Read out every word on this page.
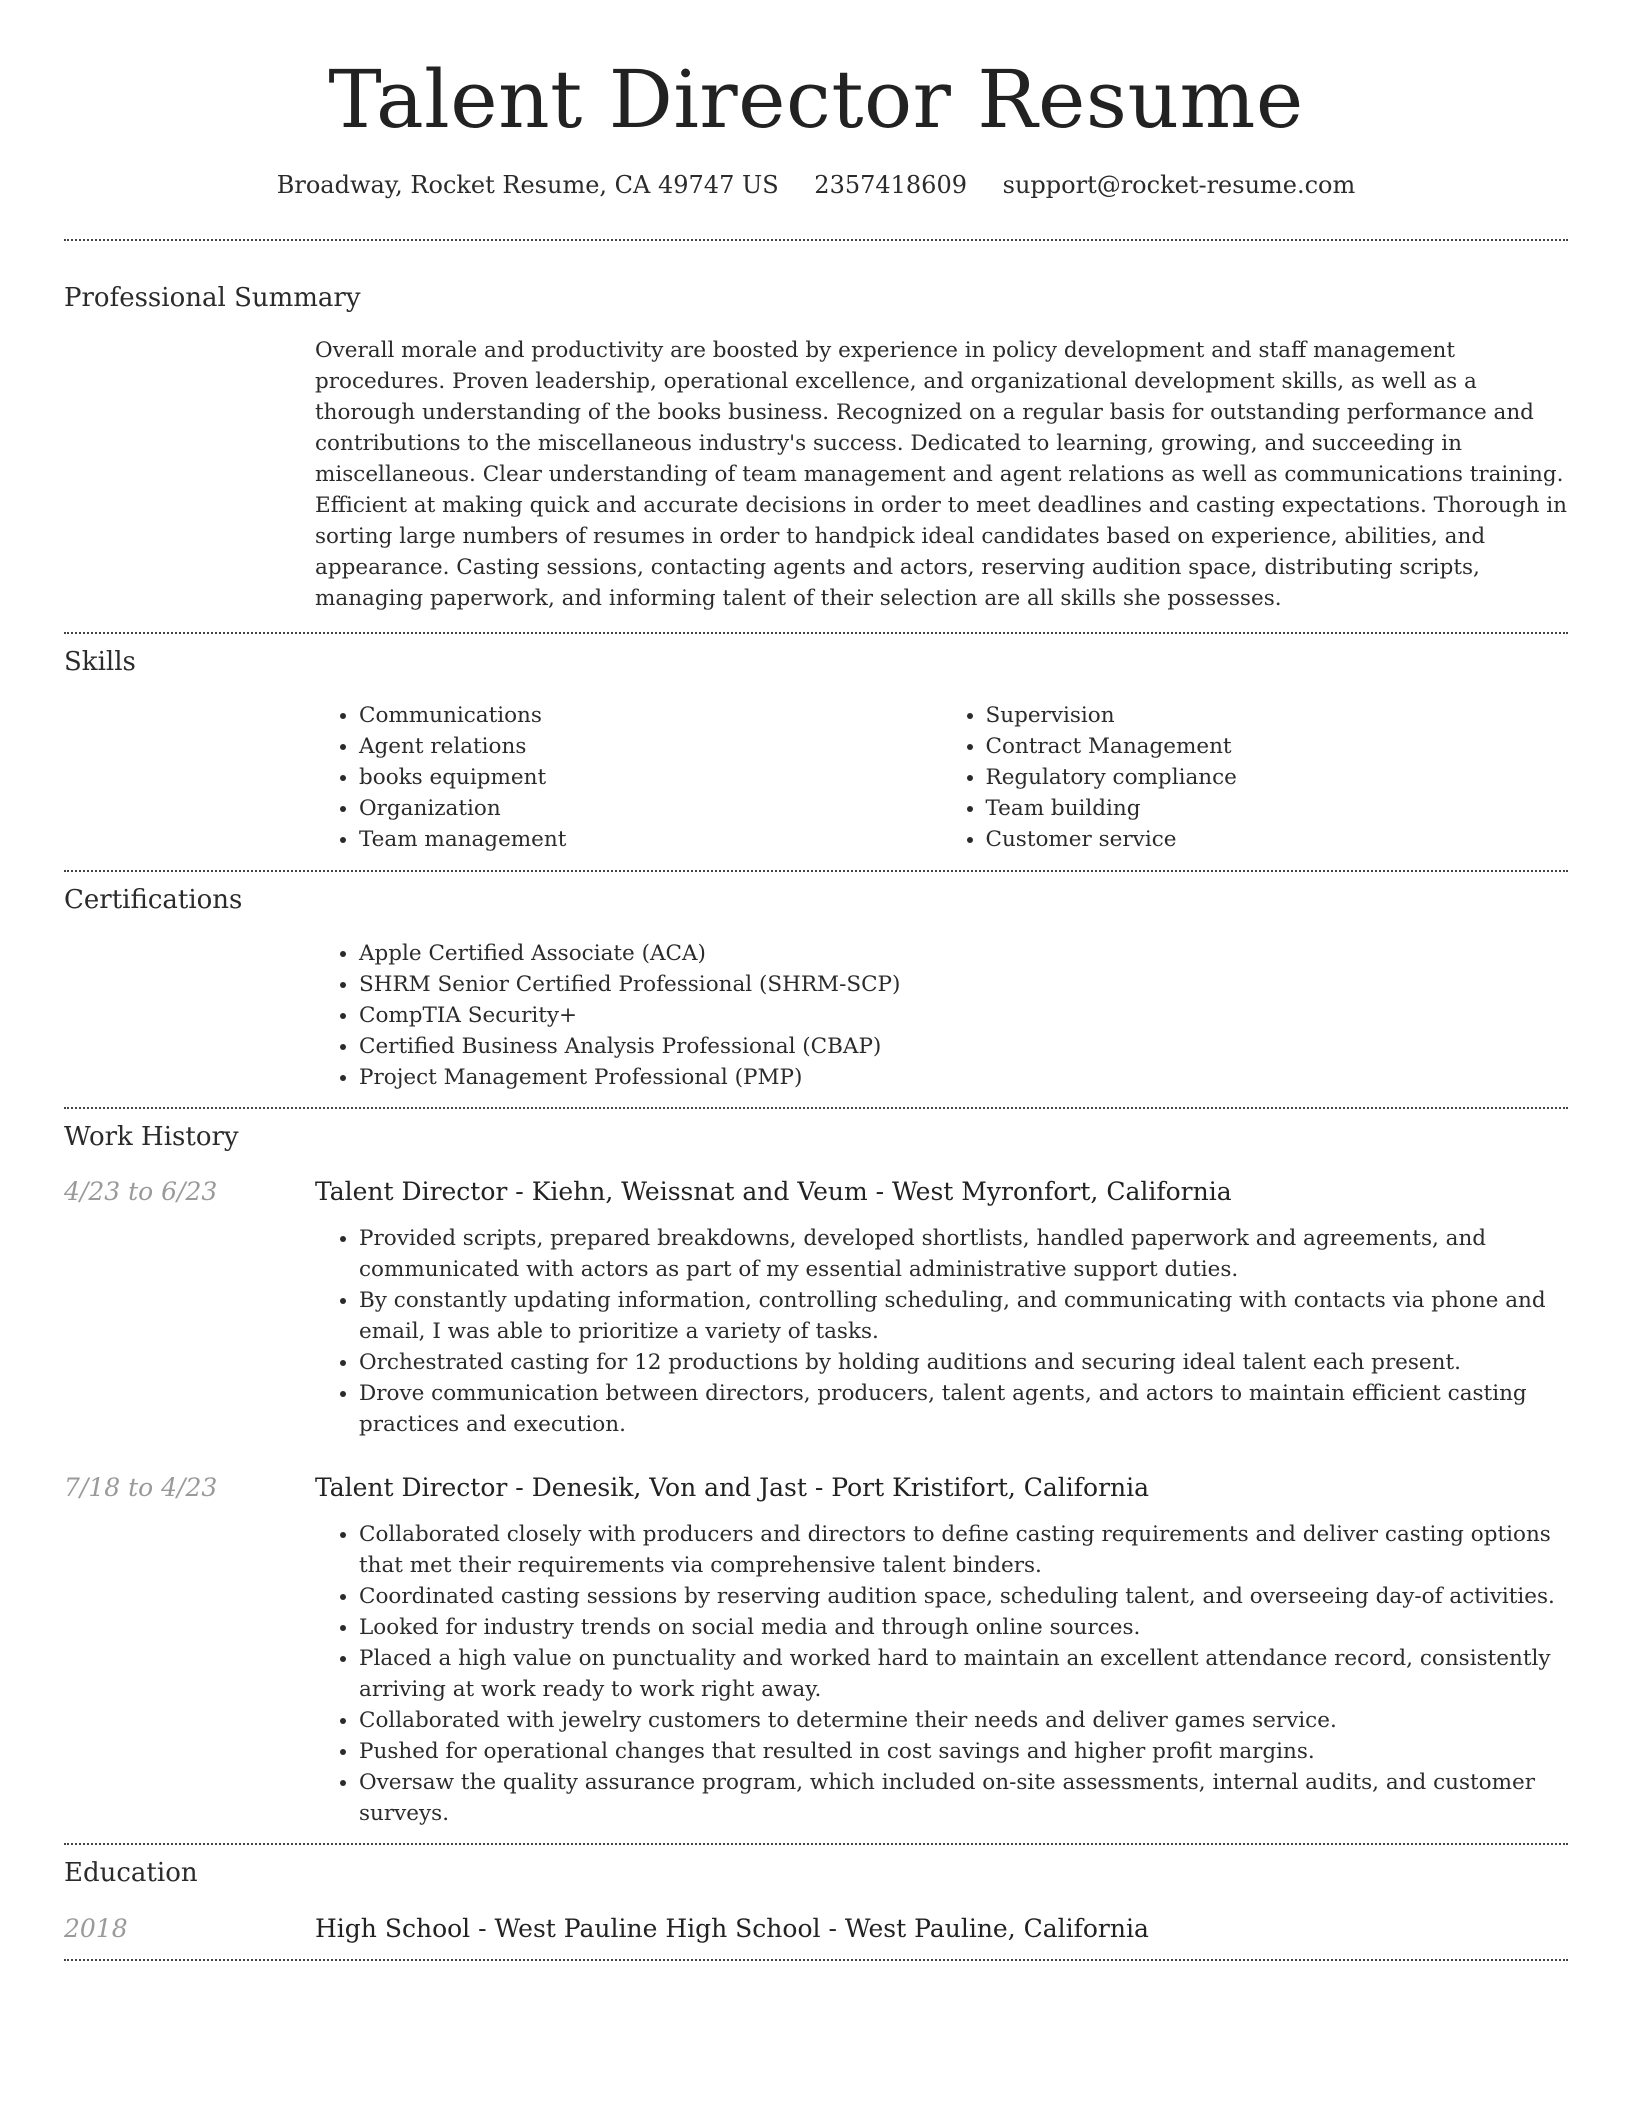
Talent Director Resume
Broadway, Rocket Resume, CA 49747 US 2357418609 support@rocket-resume.com
Professional Summary
Overall morale and productivity are boosted by experience in policy development and staff management procedures. Proven leadership, operational excellence, and organizational development skills, as well as a thorough understanding of the books business. Recognized on a regular basis for outstanding performance and contributions to the miscellaneous industry's success. Dedicated to learning, growing, and succeeding in miscellaneous. Clear understanding of team management and agent relations as well as communications training. Efficient at making quick and accurate decisions in order to meet deadlines and casting expectations. Thorough in sorting large numbers of resumes in order to handpick ideal candidates based on experience, abilities, and appearance. Casting sessions, contacting agents and actors, reserving audition space, distributing scripts, managing paperwork, and informing talent of their selection are all skills she possesses.
Skills
• Communications
• Agent relations
• books equipment
• Organization
• Team management
• Supervision
• Contract Management
• Regulatory compliance
• Team building
• Customer service
Certifications
• Apple Certified Associate (ACA)
• SHRM Senior Certified Professional (SHRM-SCP)
• CompTIA Security+
• Certified Business Analysis Professional (CBAP)
• Project Management Professional (PMP)
Work History
4/23 to 6/23	Talent Director - Kiehn, Weissnat and Veum - West Myronfort, California
• Provided scripts, prepared breakdowns, developed shortlists, handled paperwork and agreements, and communicated with actors as part of my essential administrative support duties.
• By constantly updating information, controlling scheduling, and communicating with contacts via phone and email, I was able to prioritize a variety of tasks.
• Orchestrated casting for 12 productions by holding auditions and securing ideal talent each present.
• Drove communication between directors, producers, talent agents, and actors to maintain efficient casting practices and execution.
7/18 to 4/23	Talent Director - Denesik, Von and Jast - Port Kristifort, California
• Collaborated closely with producers and directors to define casting requirements and deliver casting options that met their requirements via comprehensive talent binders.
• Coordinated casting sessions by reserving audition space, scheduling talent, and overseeing day-of activities.
• Looked for industry trends on social media and through online sources.
• Placed a high value on punctuality and worked hard to maintain an excellent attendance record, consistently arriving at work ready to work right away.
• Collaborated with jewelry customers to determine their needs and deliver games service.
• Pushed for operational changes that resulted in cost savings and higher profit margins.
• Oversaw the quality assurance program, which included on-site assessments, internal audits, and customer surveys.
Education
2018	High School - West Pauline High School - West Pauline, California
